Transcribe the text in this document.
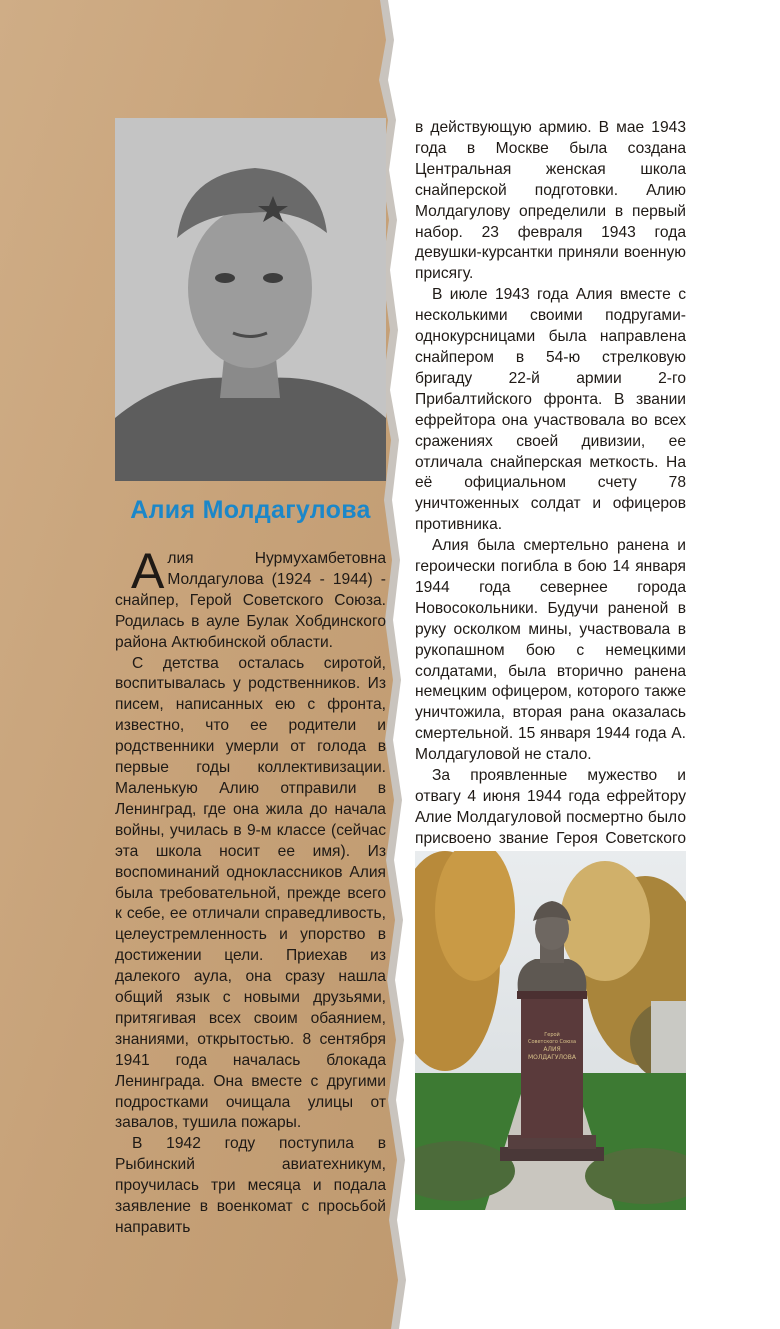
Алия Молдагулова

Алия Нурмухамбетовна Молдагулова (1924 - 1944) - снайпер, Герой Советского Союза. Родилась в ауле Булак Хобдинского района Актюбинской области.

С детства осталась сиротой, воспитывалась у родственников. Из писем, написанных ею с фронта, известно, что ее родители и родственники умерли от голода в первые годы коллективизации. Маленькую Алию отправили в Ленинград, где она жила до начала войны, училась в 9-м классе (сейчас эта школа носит ее имя). Из воспоминаний одноклассников Алия была требовательной, прежде всего к себе, ее отличали справедливость, целеустремленность и упорство в достижении цели. Приехав из далекого аула, она сразу нашла общий язык с новыми друзьями, притягивая всех своим обаянием, знаниями, открытостью. 8 сентября 1941 года началась блокада Ленинграда. Она вместе с другими подростками очищала улицы от завалов, тушила пожары.

В 1942 году поступила в Рыбинский авиатехникум, проучилась три месяца и подала заявление в военкомат с просьбой направить

в действующую армию. В мае 1943 года в Москве была создана Центральная женская школа снайперской подготовки. Алию Молдагулову определили в первый набор. 23 февраля 1943 года девушки-курсантки приняли военную присягу.

В июле 1943 года Алия вместе с несколькими своими подругами-однокурсницами была направлена снайпером в 54-ю стрелковую бригаду 22-й армии 2-го Прибалтийского фронта. В звании ефрейтора она участвовала во всех сражениях своей дивизии, ее отличала снайперская меткость. На её официальном счету 78 уничтоженных солдат и офицеров противника.

Алия была смертельно ранена и героически погибла в бою 14 января 1944 года севернее города Новосокольники. Будучи раненой в руку осколком мины, участвовала в рукопашном бою с немецкими солдатами, была вторично ранена немецким офицером, которого также уничтожила, вторая рана оказалась смертельной. 15 января 1944 года А. Молдагуловой не стало.

За проявленные мужество и отвагу 4 июня 1944 года ефрейтору Алие Молдагуловой посмертно было присвоено звание Героя Советского

Герой
Советского Союза
АЛИЯ
МОЛДАГУЛОВА
